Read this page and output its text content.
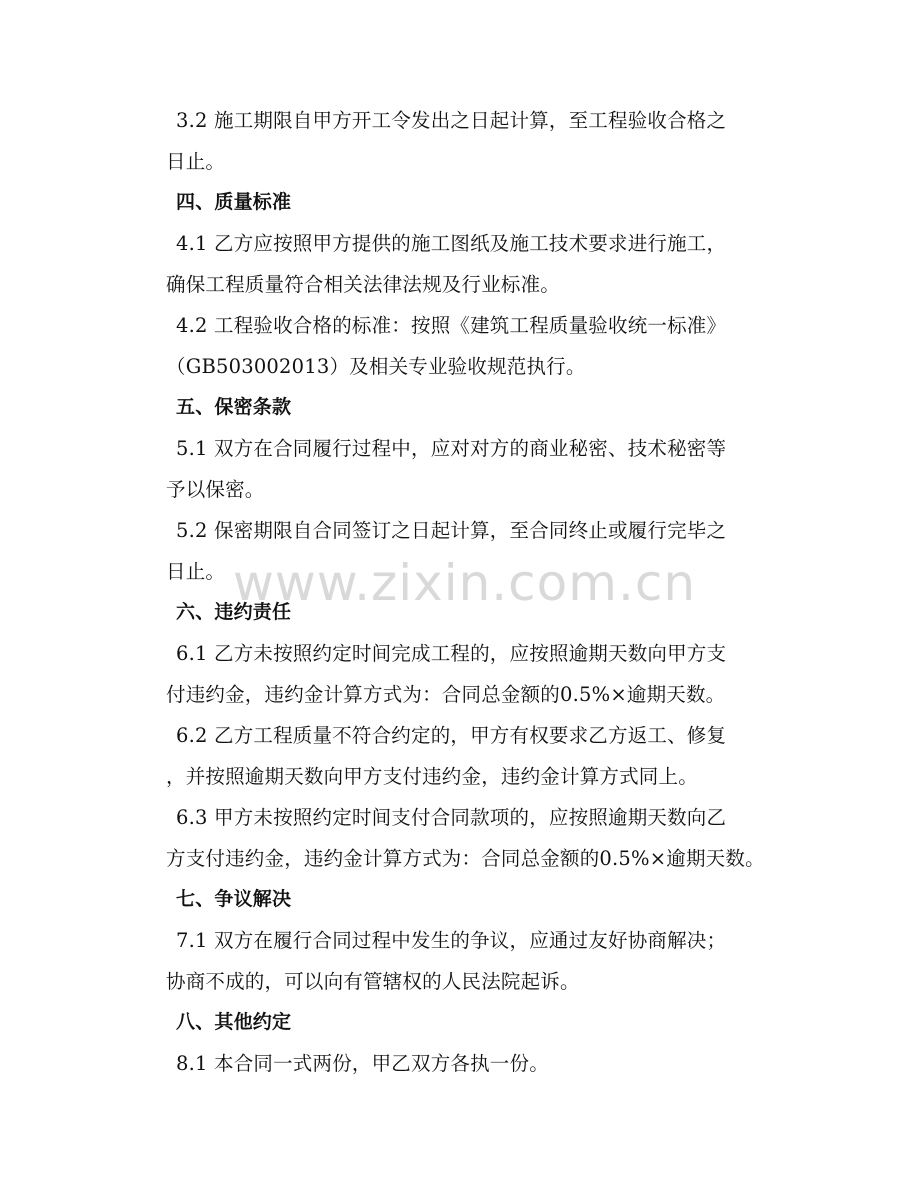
3.2 施工期限自甲方开工令发出之日起计算，至工程验收合格之
日止。
四、质量标准
4.1 乙方应按照甲方提供的施工图纸及施工技术要求进行施工，
确保工程质量符合相关法律法规及行业标准。
4.2 工程验收合格的标准：按照《建筑工程质量验收统一标准》
（GB503002013）及相关专业验收规范执行。
五、保密条款
5.1 双方在合同履行过程中，应对对方的商业秘密、技术秘密等
予以保密。
5.2 保密期限自合同签订之日起计算，至合同终止或履行完毕之
日止。
六、违约责任
6.1 乙方未按照约定时间完成工程的，应按照逾期天数向甲方支
付违约金，违约金计算方式为：合同总金额的0.5%×逾期天数。
6.2 乙方工程质量不符合约定的，甲方有权要求乙方返工、修复
，并按照逾期天数向甲方支付违约金，违约金计算方式同上。
6.3 甲方未按照约定时间支付合同款项的，应按照逾期天数向乙
方支付违约金，违约金计算方式为：合同总金额的0.5%×逾期天数。
七、争议解决
7.1 双方在履行合同过程中发生的争议，应通过友好协商解决；
协商不成的，可以向有管辖权的人民法院起诉。
八、其他约定
8.1 本合同一式两份，甲乙双方各执一份。
www.zixin.com.cn
